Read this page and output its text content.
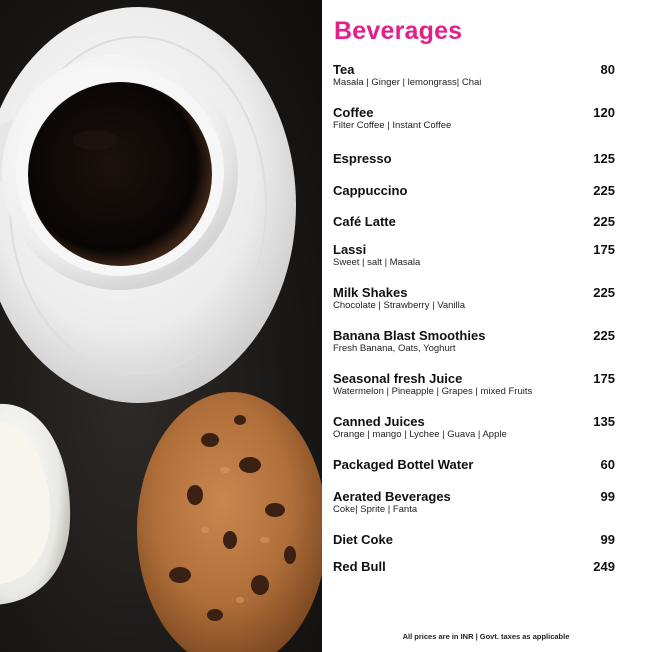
Beverages
Tea	80
Masala | Ginger | lemongrass| Chai
Coffee	120
Filter Coffee | Instant Coffee
Espresso	125
Cappuccino	225
Café Latte	225
Lassi	175
Sweet | salt | Masala
Milk Shakes	225
Chocolate | Strawberry | Vanilla
Banana Blast Smoothies	225
Fresh Banana, Oats, Yoghurt
Seasonal fresh Juice	175
Watermelon | Pineapple | Grapes | mixed Fruits
Canned Juices	135
Orange | mango | Lychee | Guava | Apple
Packaged Bottel Water	60
Aerated Beverages	99
Coke| Sprite | Fanta
Diet Coke	99
Red Bull	249
All prices are in INR | Govt. taxes as applicable
